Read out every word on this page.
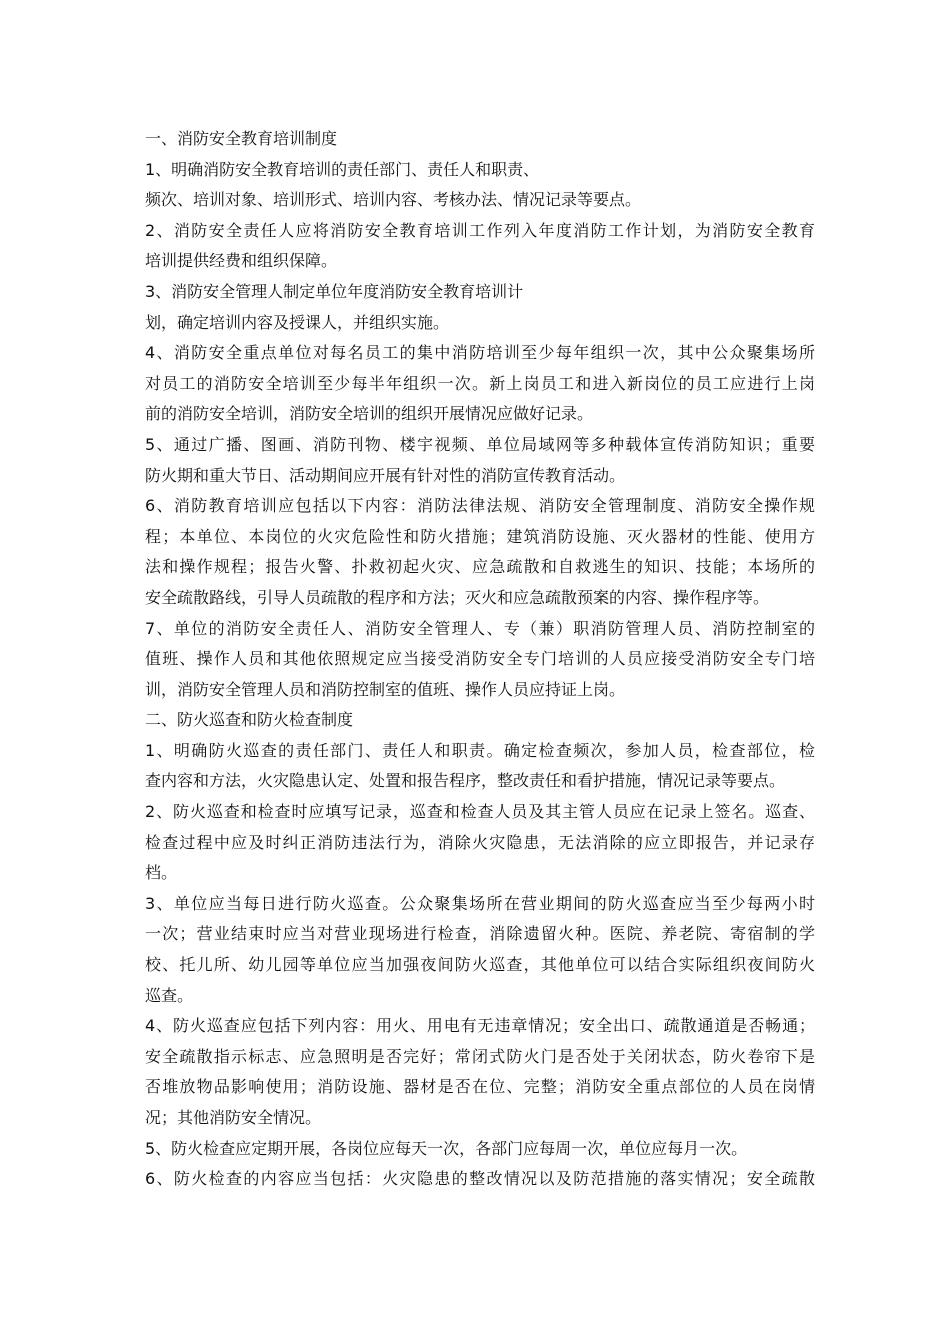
一、消防安全教育培训制度
1、明确消防安全教育培训的责任部门、责任人和职责、
频次、培训对象、培训形式、培训内容、考核办法、情况记录等要点。
2、消防安全责任人应将消防安全教育培训工作列入年度消防工作计划，为消防安全教育
培训提供经费和组织保障。
3、消防安全管理人制定单位年度消防安全教育培训计
划，确定培训内容及授课人，并组织实施。
4、消防安全重点单位对每名员工的集中消防培训至少每年组织一次，其中公众聚集场所
对员工的消防安全培训至少每半年组织一次。新上岗员工和进入新岗位的员工应进行上岗
前的消防安全培训，消防安全培训的组织开展情况应做好记录。
5、通过广播、图画、消防刊物、楼宇视频、单位局域网等多种载体宣传消防知识；重要
防火期和重大节日、活动期间应开展有针对性的消防宣传教育活动。
6、消防教育培训应包括以下内容：消防法律法规、消防安全管理制度、消防安全操作规
程；本单位、本岗位的火灾危险性和防火措施；建筑消防设施、灭火器材的性能、使用方
法和操作规程；报告火警、扑救初起火灾、应急疏散和自救逃生的知识、技能；本场所的
安全疏散路线，引导人员疏散的程序和方法；灭火和应急疏散预案的内容、操作程序等。
7、单位的消防安全责任人、消防安全管理人、专（兼）职消防管理人员、消防控制室的
值班、操作人员和其他依照规定应当接受消防安全专门培训的人员应接受消防安全专门培
训，消防安全管理人员和消防控制室的值班、操作人员应持证上岗。
二、防火巡查和防火检查制度
1、明确防火巡查的责任部门、责任人和职责。确定检查频次，参加人员，检查部位，检
查内容和方法，火灾隐患认定、处置和报告程序，整改责任和看护措施，情况记录等要点。
2、防火巡查和检查时应填写记录，巡查和检查人员及其主管人员应在记录上签名。巡查、
检查过程中应及时纠正消防违法行为，消除火灾隐患，无法消除的应立即报告，并记录存
档。
3、单位应当每日进行防火巡查。公众聚集场所在营业期间的防火巡查应当至少每两小时
一次；营业结束时应当对营业现场进行检查，消除遗留火种。医院、养老院、寄宿制的学
校、托儿所、幼儿园等单位应当加强夜间防火巡查，其他单位可以结合实际组织夜间防火
巡查。
4、防火巡查应包括下列内容：用火、用电有无违章情况；安全出口、疏散通道是否畅通；
安全疏散指示标志、应急照明是否完好；常闭式防火门是否处于关闭状态，防火卷帘下是
否堆放物品影响使用；消防设施、器材是否在位、完整；消防安全重点部位的人员在岗情
况；其他消防安全情况。
5、防火检查应定期开展，各岗位应每天一次，各部门应每周一次，单位应每月一次。
6、防火检查的内容应当包括：火灾隐患的整改情况以及防范措施的落实情况；安全疏散
